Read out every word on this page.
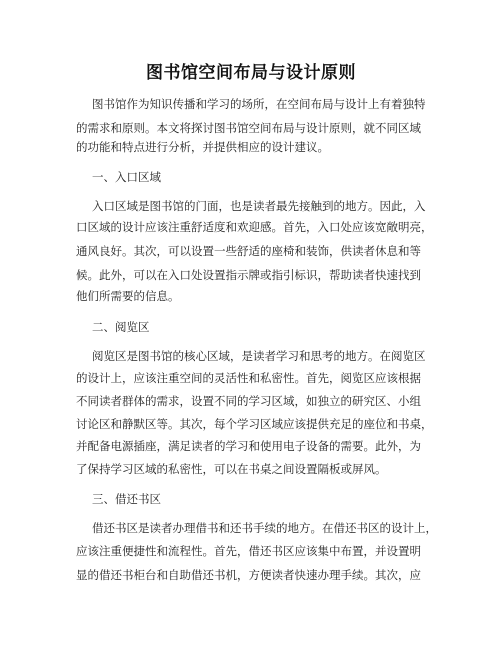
图书馆空间布局与设计原则
图书馆作为知识传播和学习的场所，在空间布局与设计上有着独特
的需求和原则。本文将探讨图书馆空间布局与设计原则，就不同区域
的功能和特点进行分析，并提供相应的设计建议。
一、入口区域
入口区域是图书馆的门面，也是读者最先接触到的地方。因此，入
口区域的设计应该注重舒适度和欢迎感。首先，入口处应该宽敞明亮，
通风良好。其次，可以设置一些舒适的座椅和装饰，供读者休息和等
候。此外，可以在入口处设置指示牌或指引标识，帮助读者快速找到
他们所需要的信息。
二、阅览区
阅览区是图书馆的核心区域，是读者学习和思考的地方。在阅览区
的设计上，应该注重空间的灵活性和私密性。首先，阅览区应该根据
不同读者群体的需求，设置不同的学习区域，如独立的研究区、小组
讨论区和静默区等。其次，每个学习区域应该提供充足的座位和书桌，
并配备电源插座，满足读者的学习和使用电子设备的需要。此外，为
了保持学习区域的私密性，可以在书桌之间设置隔板或屏风。
三、借还书区
借还书区是读者办理借书和还书手续的地方。在借还书区的设计上，
应该注重便捷性和流程性。首先，借还书区应该集中布置，并设置明
显的借还书柜台和自助借还书机，方便读者快速办理手续。其次，应
